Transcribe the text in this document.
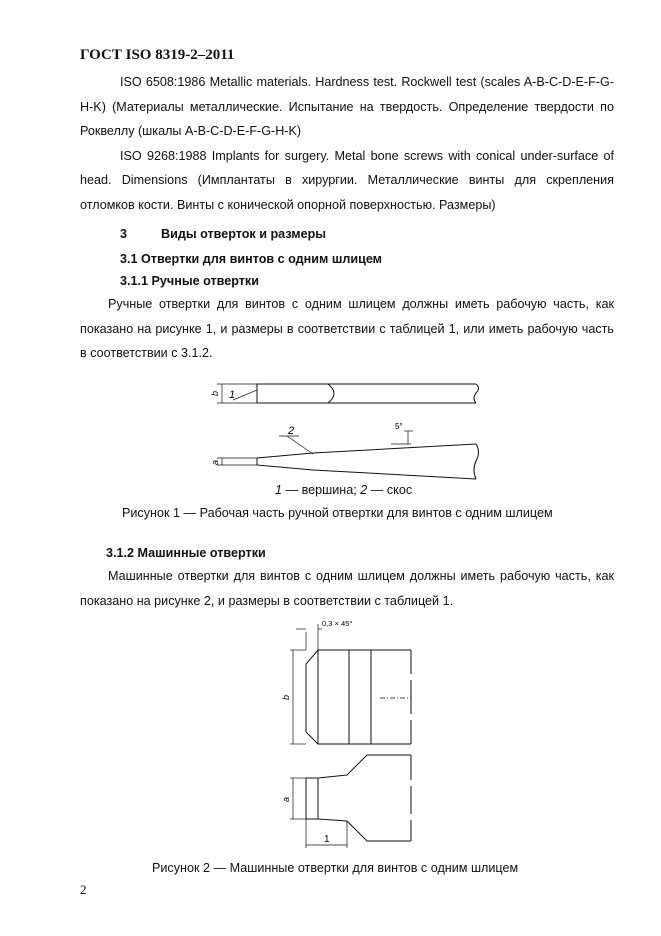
ГОСТ ISO 8319-2–2011

ISO 6508:1986 Metallic materials. Hardness test. Rockwell test (scales A-B-C-D-E-F-G-H-K) (Материалы металлические. Испытание на твердость. Определение твердости по Роквеллу (шкалы A-B-C-D-E-F-G-H-K)

ISO 9268:1988 Implants for surgery. Metal bone screws with conical under-surface of head. Dimensions (Имплантаты в хирургии. Металлические винты для скрепления отломков кости. Винты с конической опорной поверхностью. Размеры)

3	Виды отверток и размеры
3.1 Отвертки для винтов с одним шлицем
3.1.1 Ручные отвертки

Ручные отвертки для винтов с одним шлицем должны иметь рабочую часть, как показано на рисунке 1, и размеры в соответствии с таблицей 1, или иметь рабочую часть в соответствии с 3.1.2.

b 1
a
2	5°
1 — вершина; 2 — скос
Рисунок 1 — Рабочая часть ручной отвертки для винтов с одним шлицем
3.1.2 Машинные отвертки

Машинные отвертки для винтов с одним шлицем должны иметь рабочую часть, как показано на рисунке 2, и размеры в соответствии с таблицей 1.

0,3 × 45°
b
a
1
Рисунок 2 — Машинные отвертки для винтов с одним шлицем
2
